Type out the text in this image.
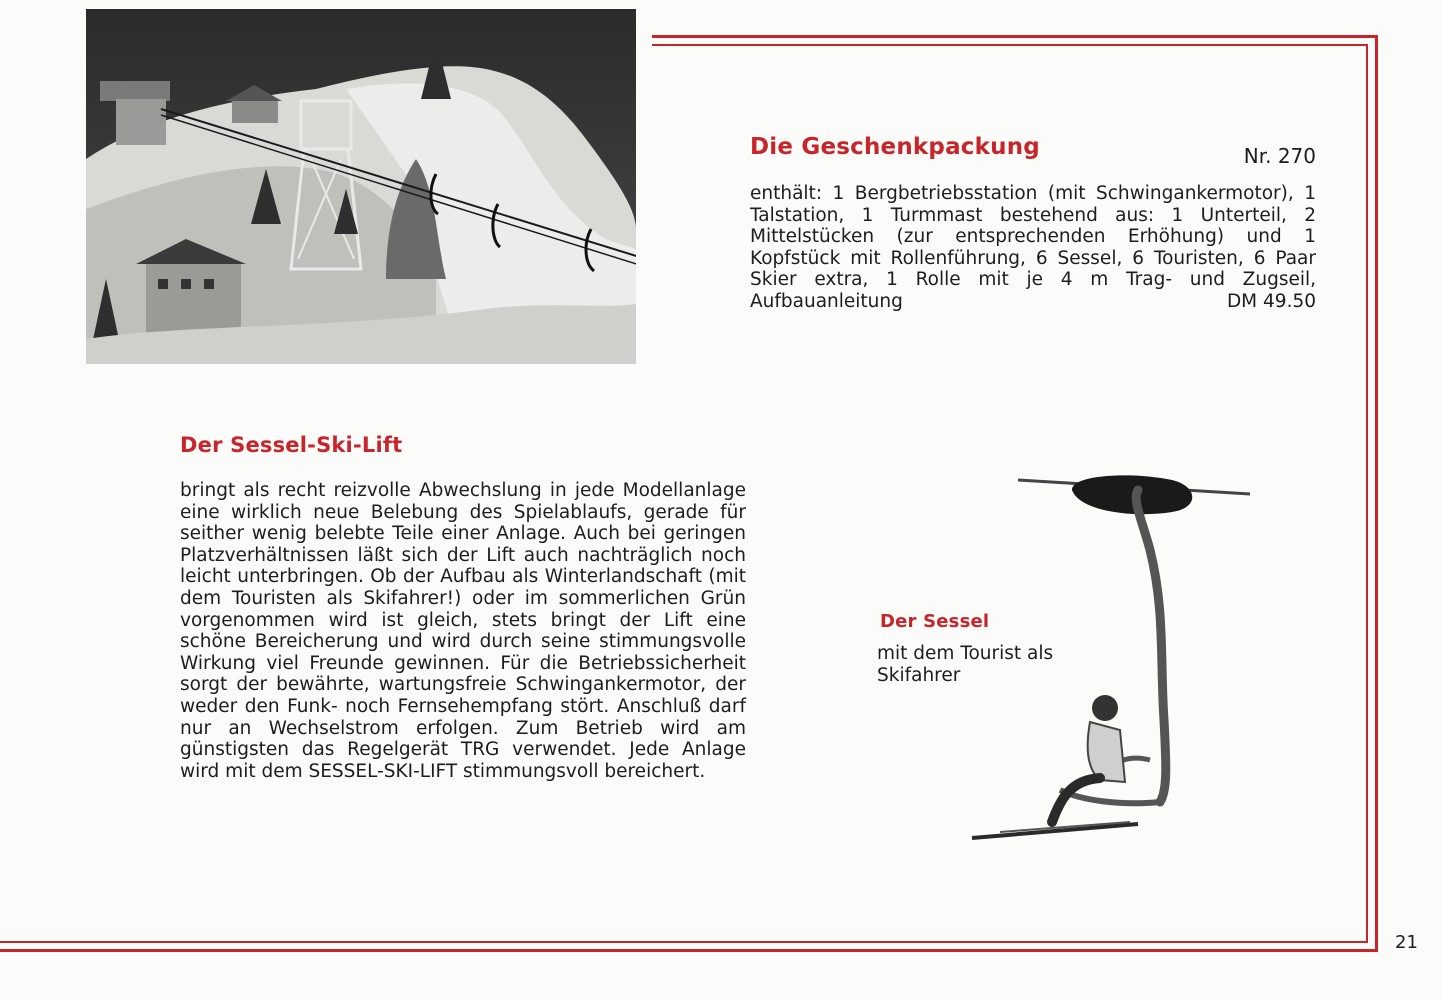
Die Geschenkpackung	Nr. 270
enthält: 1 Bergbetriebsstation (mit Schwingankermotor), 1 Talstation, 1 Turmmast bestehend aus: 1 Unterteil, 2 Mittelstücken (zur entsprechenden Erhöhung) und 1 Kopfstück mit Rollenführung, 6 Sessel, 6 Touristen, 6 Paar Skier extra, 1 Rolle mit je 4 m Trag- und Zugseil, Aufbauanleitung	DM 49.50
Der Sessel-Ski-Lift
bringt als recht reizvolle Abwechslung in jede Modellanlage eine wirklich neue Belebung des Spielablaufs, gerade für seither wenig belebte Teile einer Anlage. Auch bei geringen Platzverhältnissen läßt sich der Lift auch nachträglich noch leicht unterbringen. Ob der Aufbau als Winterlandschaft (mit dem Touristen als Skifahrer!) oder im sommerlichen Grün vorgenommen wird ist gleich, stets bringt der Lift eine schöne Bereicherung und wird durch seine stimmungsvolle Wirkung viel Freunde gewinnen. Für die Betriebssicherheit sorgt der bewährte, wartungsfreie Schwingankermotor, der weder den Funk- noch Fernsehempfang stört. Anschluß darf nur an Wechselstrom erfolgen. Zum Betrieb wird am günstigsten das Regelgerät TRG verwendet. Jede Anlage wird mit dem SESSEL-SKI-LIFT stimmungsvoll bereichert.
Der Sessel
mit dem Tourist als Skifahrer
21
